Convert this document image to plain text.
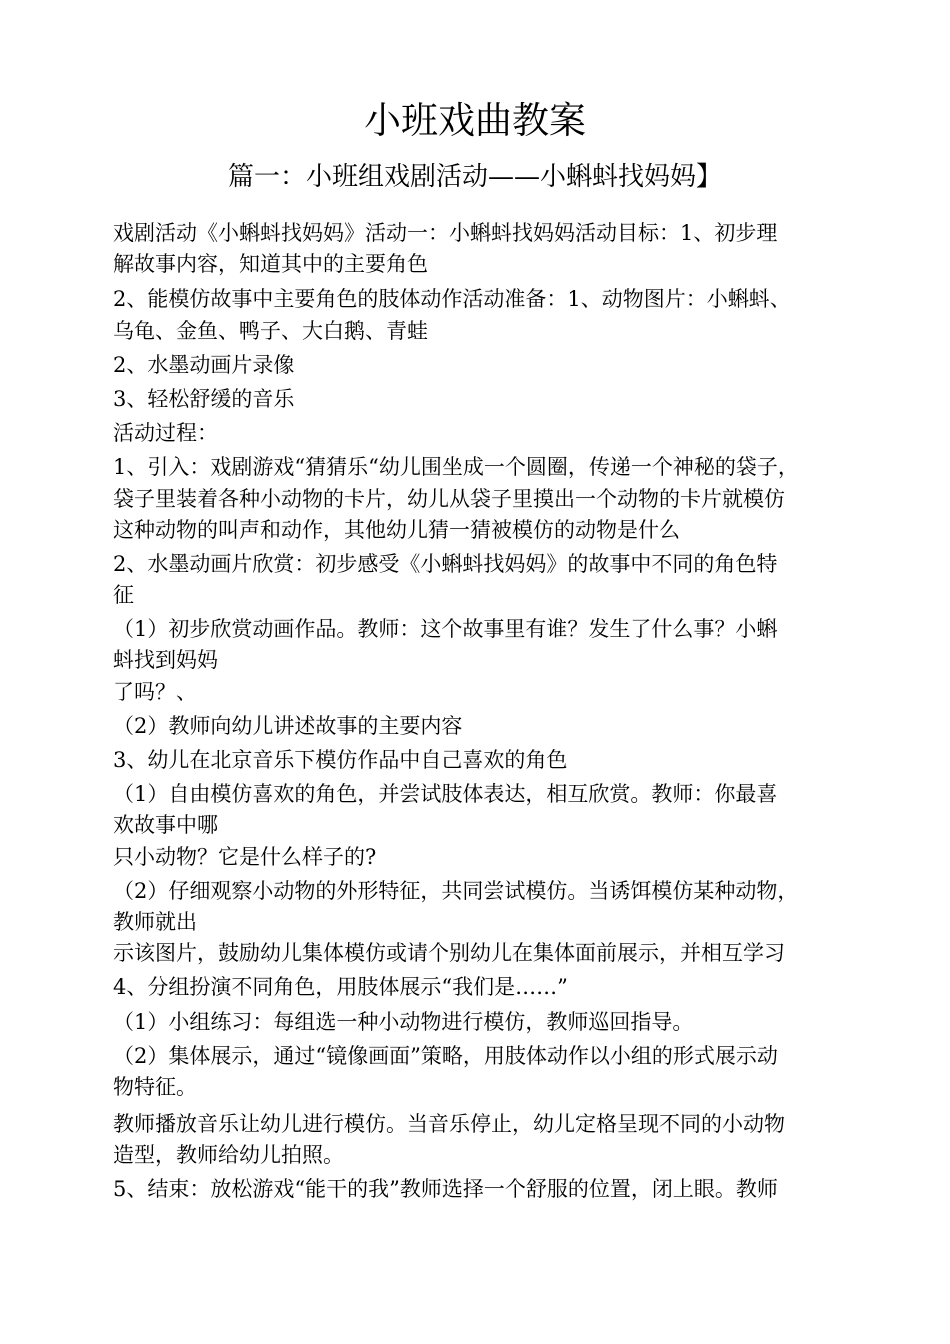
小班戏曲教案
篇一：小班组戏剧活动——小蝌蚪找妈妈】
戏剧活动《小蝌蚪找妈妈》活动一：小蝌蚪找妈妈活动目标：1、初步理
解故事内容，知道其中的主要角色
2、能模仿故事中主要角色的肢体动作活动准备：1、动物图片：小蝌蚪、
乌龟、金鱼、鸭子、大白鹅、青蛙
2、水墨动画片录像
3、轻松舒缓的音乐
活动过程：
1、引入：戏剧游戏“猜猜乐“幼儿围坐成一个圆圈，传递一个神秘的袋子，
袋子里装着各种小动物的卡片，幼儿从袋子里摸出一个动物的卡片就模仿
这种动物的叫声和动作，其他幼儿猜一猜被模仿的动物是什么
2、水墨动画片欣赏：初步感受《小蝌蚪找妈妈》的故事中不同的角色特
征
（1）初步欣赏动画作品。教师：这个故事里有谁？发生了什么事？小蝌
蚪找到妈妈
了吗？、
（2）教师向幼儿讲述故事的主要内容
3、幼儿在北京音乐下模仿作品中自己喜欢的角色
（1）自由模仿喜欢的角色，并尝试肢体表达，相互欣赏。教师：你最喜
欢故事中哪
只小动物？它是什么样子的?
（2）仔细观察小动物的外形特征，共同尝试模仿。当诱饵模仿某种动物，
教师就出
示该图片，鼓励幼儿集体模仿或请个别幼儿在集体面前展示，并相互学习
4、分组扮演不同角色，用肢体展示“我们是……”
（1）小组练习：每组选一种小动物进行模仿，教师巡回指导。
（2）集体展示，通过“镜像画面”策略，用肢体动作以小组的形式展示动
物特征。
教师播放音乐让幼儿进行模仿。当音乐停止，幼儿定格呈现不同的小动物
造型，教师给幼儿拍照。
5、结束：放松游戏“能干的我”教师选择一个舒服的位置，闭上眼。教师
